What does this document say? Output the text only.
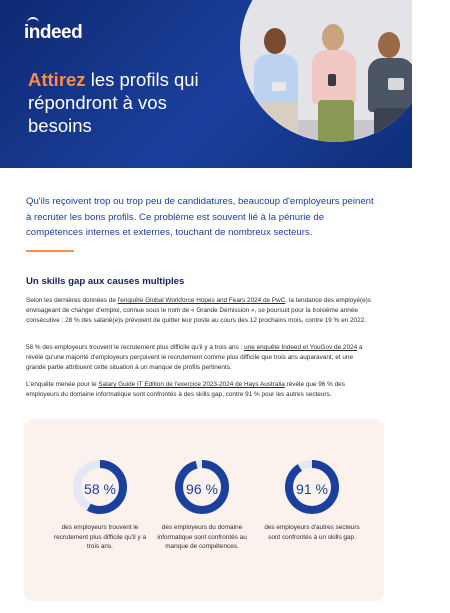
indeed
Attirez les profils qui répondront à vos besoins

Qu'ils reçoivent trop ou trop peu de candidatures, beaucoup d'employeurs peinent à recruter les bons profils. Ce problème est souvent lié à la pénurie de compétences internes et externes, touchant de nombreux secteurs.

Un skills gap aux causes multiples

Selon les dernières données de l'enquête Global Workforce Hopes and Fears 2024 de PwC, la tendance des employé(e)s envisageant de changer d'emploi, connue sous le nom de « Grande Démission », se poursuit pour la troisième année consécutive : 28 % des salarié(e)s prévoient de quitter leur poste au cours des 12 prochains mois, contre 19 % en 2022.

58 % des employeurs trouvent le recrutement plus difficile qu'il y a trois ans : une enquête Indeed et YouGov de 2024 a révélé qu'une majorité d'employeurs perçoivent le recrutement comme plus difficile que trois ans auparavant, et une grande partie attribuent cette situation à un manque de profils pertinents.

L'enquête menée pour le Salary Guide IT Edition de l'exercice 2023-2024 de Hays Australia révèle que 96 % des employeurs du domaine informatique sont confrontés à des skills gap, contre 91 % pour les autres secteurs.

58 %
des employeurs trouvent le recrutement plus difficile qu'il y a trois ans.
96 %
des employeurs du domaine informatique sont confrontés au manque de compétences.
91 %
des employeurs d'autres secteurs sont confrontés à un skills gap.
